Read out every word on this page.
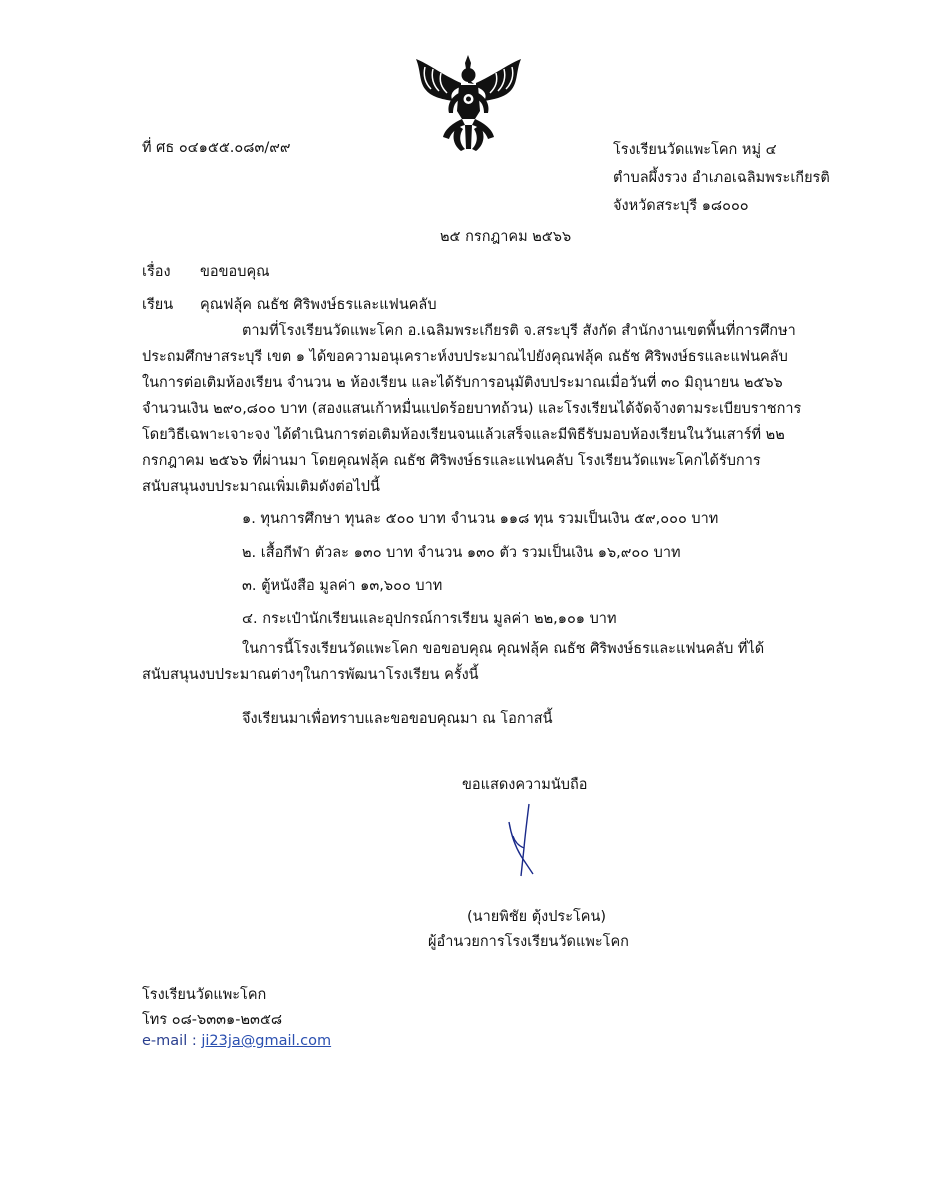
ที่ ศธ ๐๔๑๕๕.๐๘๓/๙๙	โรงเรียนวัดแพะโคก หมู่ ๔
ตำบลผึ้งรวง อำเภอเฉลิมพระเกียรติ
จังหวัดสระบุรี ๑๘๐๐๐
๒๕ กรกฎาคม ๒๕๖๖
เรื่อง ขอขอบคุณ
เรียน คุณฟลุ้ค ณธัช ศิริพงษ์ธรและแฟนคลับ
ตามที่โรงเรียนวัดแพะโคก อ.เฉลิมพระเกียรติ จ.สระบุรี สังกัด สำนักงานเขตพื้นที่การศึกษา
ประถมศึกษาสระบุรี เขต ๑ ได้ขอความอนุเคราะห์งบประมาณไปยังคุณฟลุ้ค ณธัช ศิริพงษ์ธรและแฟนคลับ
ในการต่อเติมห้องเรียน จำนวน ๒ ห้องเรียน และได้รับการอนุมัติงบประมาณเมื่อวันที่ ๓๐ มิถุนายน ๒๕๖๖
จำนวนเงิน ๒๙๐,๘๐๐ บาท (สองแสนเก้าหมื่นแปดร้อยบาทถ้วน) และโรงเรียนได้จัดจ้างตามระเบียบราชการ
โดยวิธีเฉพาะเจาะจง ได้ดำเนินการต่อเติมห้องเรียนจนแล้วเสร็จและมีพิธีรับมอบห้องเรียนในวันเสาร์ที่ ๒๒
กรกฎาคม ๒๕๖๖ ที่ผ่านมา โดยคุณฟลุ้ค ณธัช ศิริพงษ์ธรและแฟนคลับ โรงเรียนวัดแพะโคกได้รับการ
สนับสนุนงบประมาณเพิ่มเติมดังต่อไปนี้
๑. ทุนการศึกษา ทุนละ ๕๐๐ บาท จำนวน ๑๑๘ ทุน รวมเป็นเงิน ๕๙,๐๐๐ บาท
๒. เสื้อกีฬา ตัวละ ๑๓๐ บาท จำนวน ๑๓๐ ตัว รวมเป็นเงิน ๑๖,๙๐๐ บาท
๓. ตู้หนังสือ มูลค่า ๑๓,๖๐๐ บาท
๔. กระเป๋านักเรียนและอุปกรณ์การเรียน มูลค่า ๒๒,๑๐๑ บาท
ในการนี้โรงเรียนวัดแพะโคก ขอขอบคุณ คุณฟลุ้ค ณธัช ศิริพงษ์ธรและแฟนคลับ ที่ได้
สนับสนุนงบประมาณต่างๆในการพัฒนาโรงเรียน ครั้งนี้
จึงเรียนมาเพื่อทราบและขอขอบคุณมา ณ โอกาสนี้
ขอแสดงความนับถือ
(นายพิชัย ตุ้งประโคน)
ผู้อำนวยการโรงเรียนวัดแพะโคก
โรงเรียนวัดแพะโคก
โทร ๐๘-๖๓๓๑-๒๓๕๘
e-mail : ji23ja@gmail.com
